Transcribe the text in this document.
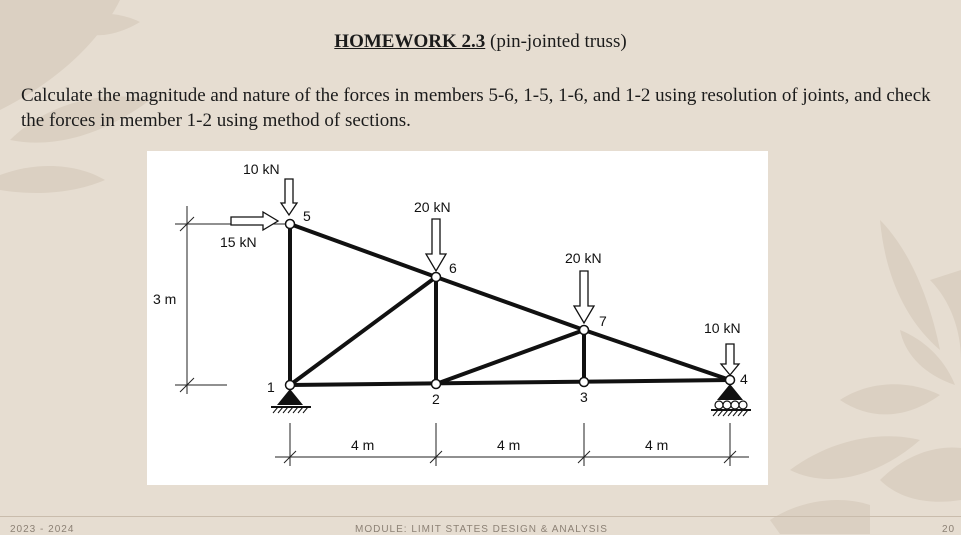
HOMEWORK 2.3 (pin-jointed truss)
Calculate the magnitude and nature of the forces in members 5-6, 1-5, 1-6, and 1-2 using resolution of joints, and check the forces in member 1-2 using method of sections.
3 m
10 kN
15 kN
20 kN
20 kN
10 kN
5
6
7
4
1
2	3
4 m	4 m	4 m
2023 - 2024	MODULE: LIMIT STATES DESIGN & ANALYSIS	20
